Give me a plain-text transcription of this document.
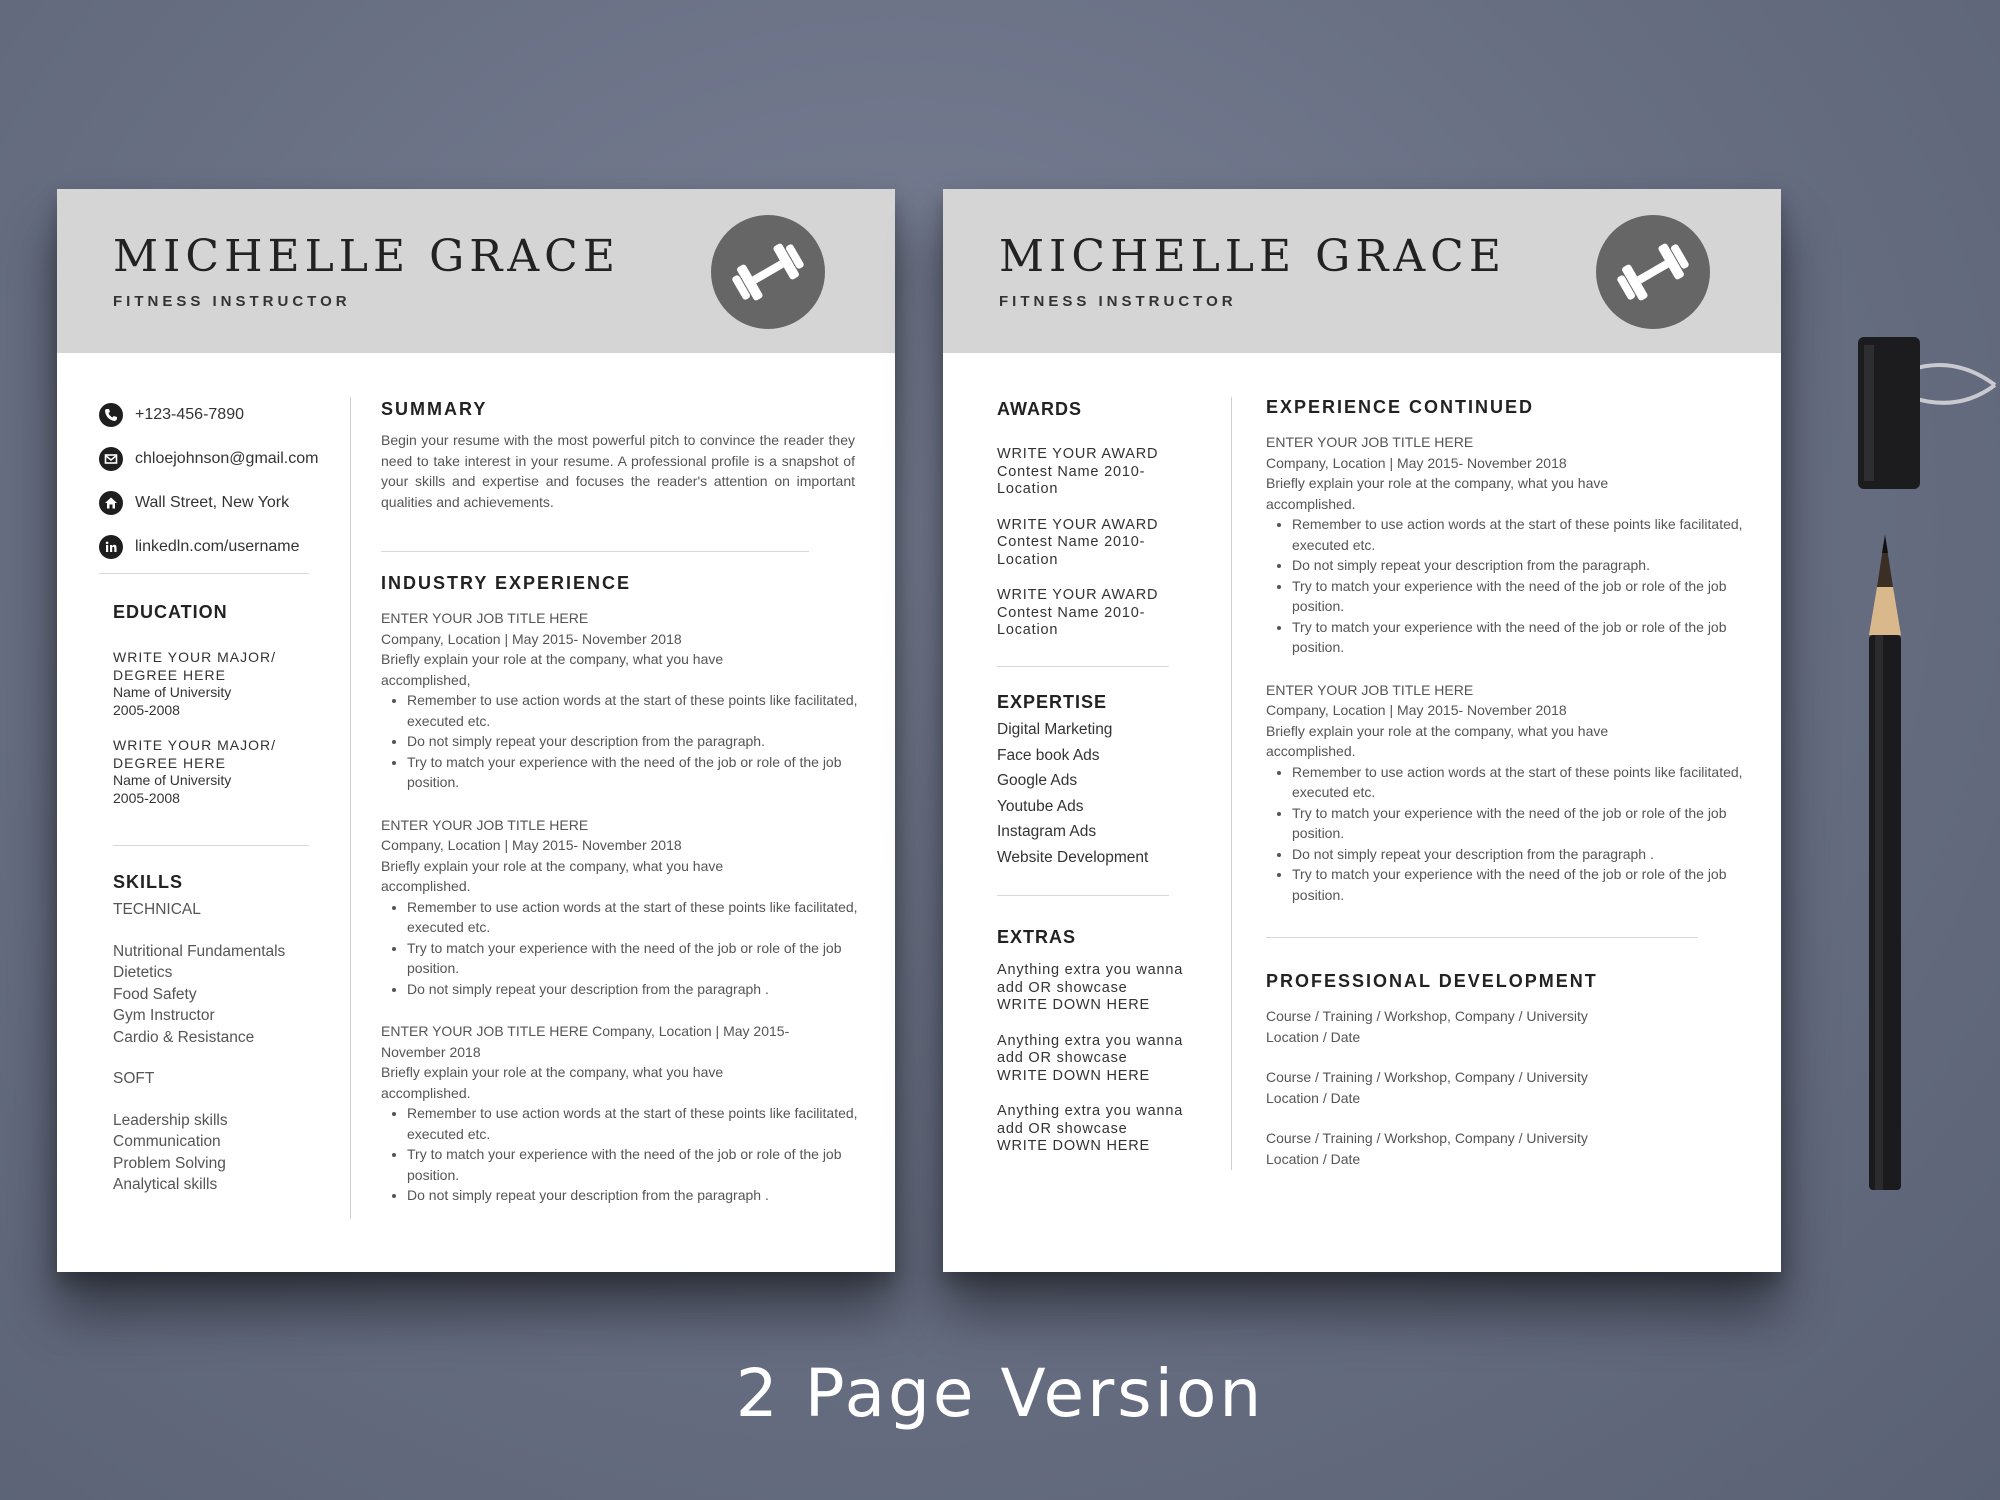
MICHELLE GRACE
FITNESS INSTRUCTOR
+123-456-7890
chloejohnson@gmail.com
Wall Street, New York
linkedln.com/username
EDUCATION
WRITE YOUR MAJOR/
DEGREE HERE
Name of University
2005-2008
WRITE YOUR MAJOR/
DEGREE HERE
Name of University
2005-2008
SKILLS
TECHNICAL
Nutritional Fundamentals
Dietetics
Food Safety
Gym Instructor
Cardio & Resistance
SOFT
Leadership skills
Communication
Problem Solving
Analytical skills
SUMMARY
Begin your resume with the most powerful pitch to convince the reader they need to take interest in your resume. A professional profile is a snapshot of your skills and expertise and focuses the reader's attention on important qualities and achievements.
INDUSTRY EXPERIENCE
ENTER YOUR JOB TITLE HERE
Company, Location | May 2015- November 2018
Briefly explain your role at the company, what you have accomplished,
• Remember to use action words at the start of these points like facilitated, executed etc.
• Do not simply repeat your description from the paragraph.
• Try to match your experience with the need of the job or role of the job position.
ENTER YOUR JOB TITLE HERE
Company, Location | May 2015- November 2018
Briefly explain your role at the company, what you have accomplished.
• Remember to use action words at the start of these points like facilitated, executed etc.
• Try to match your experience with the need of the job or role of the job position.
• Do not simply repeat your description from the paragraph .
ENTER YOUR JOB TITLE HERE Company, Location | May 2015- November 2018
Briefly explain your role at the company, what you have accomplished.
• Remember to use action words at the start of these points like facilitated, executed etc.
• Try to match your experience with the need of the job or role of the job position.
• Do not simply repeat your description from the paragraph .
MICHELLE GRACE
FITNESS INSTRUCTOR
AWARDS
WRITE YOUR AWARD
Contest Name 2010-
Location
WRITE YOUR AWARD
Contest Name 2010-
Location
WRITE YOUR AWARD
Contest Name 2010-
Location
EXPERTISE
Digital Marketing
Face book Ads
Google Ads
Youtube Ads
Instagram Ads
Website Development
EXTRAS
Anything extra you wanna
add OR showcase
WRITE DOWN HERE
Anything extra you wanna
add OR showcase
WRITE DOWN HERE
Anything extra you wanna
add OR showcase
WRITE DOWN HERE
EXPERIENCE CONTINUED
ENTER YOUR JOB TITLE HERE
Company, Location | May 2015- November 2018
Briefly explain your role at the company, what you have accomplished.
• Remember to use action words at the start of these points like facilitated, executed etc.
• Do not simply repeat your description from the paragraph.
• Try to match your experience with the need of the job or role of the job position.
• Try to match your experience with the need of the job or role of the job position.
ENTER YOUR JOB TITLE HERE
Company, Location | May 2015- November 2018
Briefly explain your role at the company, what you have accomplished.
• Remember to use action words at the start of these points like facilitated, executed etc.
• Try to match your experience with the need of the job or role of the job position.
• Do not simply repeat your description from the paragraph .
• Try to match your experience with the need of the job or role of the job position.
PROFESSIONAL DEVELOPMENT
Course / Training / Workshop, Company / University
Location / Date
Course / Training / Workshop, Company / University
Location / Date
Course / Training / Workshop, Company / University
Location / Date
2 Page Version
